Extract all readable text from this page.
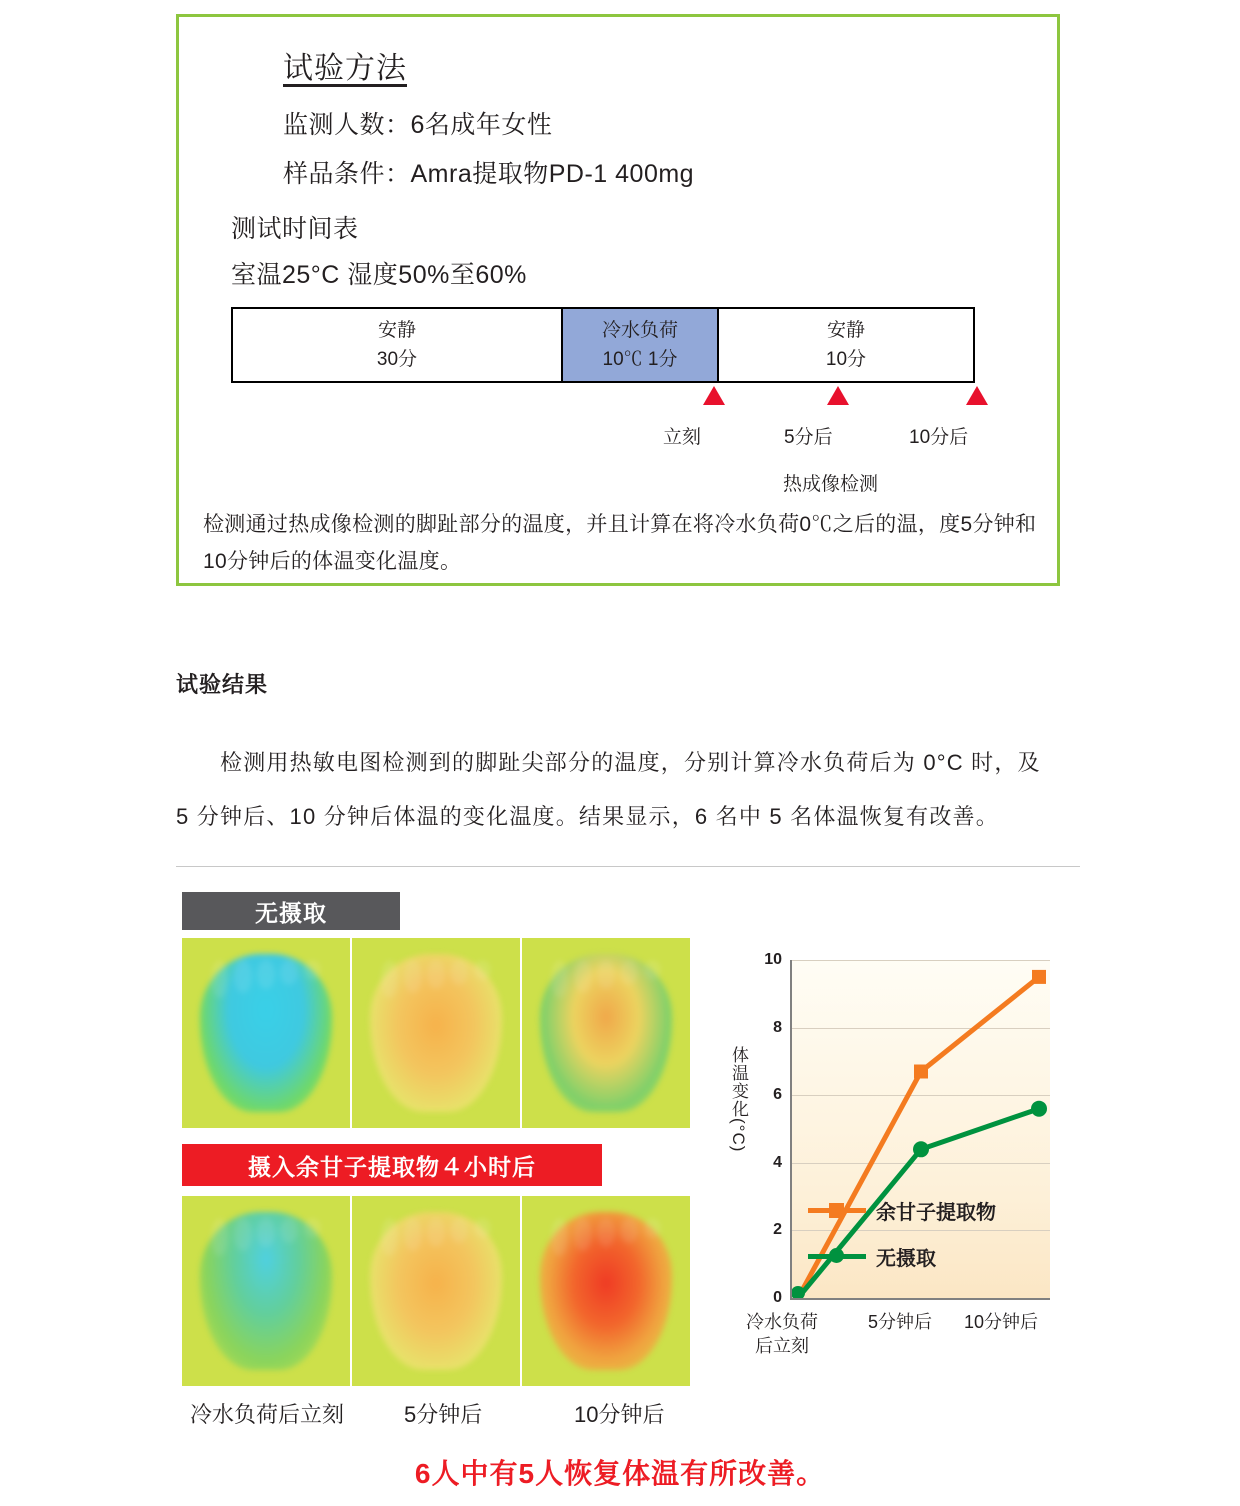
试验方法
监测人数：6名成年女性
样品条件：Amra提取物PD-1 400mg
测试时间表
室温25°C 湿度50%至60%
安静
30分
冷水负荷
10℃ 1分
安静
10分
立刻	5分后	10分后
热成像检测
检测通过热成像检测的脚趾部分的温度，并且计算在将冷水负荷0℃之后的温，度5分钟和10分钟后的体温变化温度。
试验结果
检测用热敏电图检测到的脚趾尖部分的温度，分别计算冷水负荷后为 0°C 时，及 5 分钟后、10 分钟后体温的变化温度。结果显示，6 名中 5 名体温恢复有改善。
无摄取
摄入余甘子提取物４小时后
冷水负荷后立刻	5分钟后	10分钟后
体温变化(°C)
10
8
6
4
2
0
余甘子提取物
无摄取
冷水负荷
后立刻
5分钟后 10分钟后
6人中有5人恢复体温有所改善。
